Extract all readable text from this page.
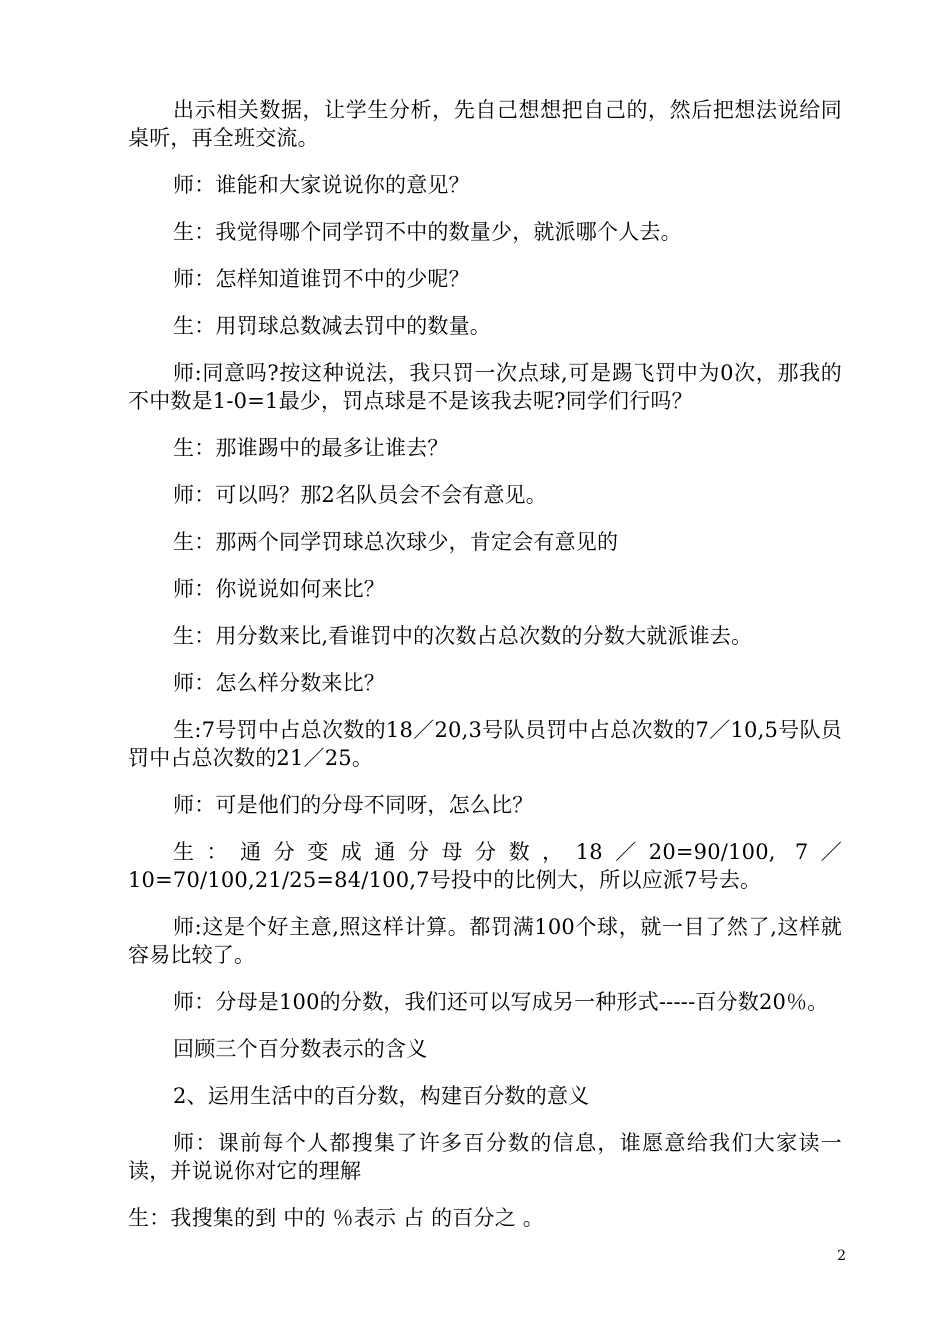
出示相关数据，让学生分析，先自己想想把自己的，然后把想法说给同桌听，再全班交流。

师：谁能和大家说说你的意见？

生：我觉得哪个同学罚不中的数量少，就派哪个人去。

师：怎样知道谁罚不中的少呢？

生：用罚球总数减去罚中的数量。

师:同意吗?按这种说法，我只罚一次点球,可是踢飞罚中为0次，那我的不中数是1-0=1最少，罚点球是不是该我去呢?同学们行吗？

生：那谁踢中的最多让谁去？

师：可以吗？那2名队员会不会有意见。

生：那两个同学罚球总次球少，肯定会有意见的

师：你说说如何来比？

生：用分数来比,看谁罚中的次数占总次数的分数大就派谁去。

师：怎么样分数来比？

生:7号罚中占总次数的18／20,3号队员罚中占总次数的7／10,5号队员罚中占总次数的21／25。

师：可是他们的分母不同呀，怎么比？

生：通分变成通分母分数，18／20=90/100, 7／10=70/100,21/25=84/100,7号投中的比例大，所以应派7号去。

师:这是个好主意,照这样计算。都罚满100个球，就一目了然了,这样就容易比较了。

师：分母是100的分数，我们还可以写成另一种形式-----百分数20％。

回顾三个百分数表示的含义

2、运用生活中的百分数，构建百分数的意义

师：课前每个人都搜集了许多百分数的信息，谁愿意给我们大家读一读，并说说你对它的理解

生：我搜集的到 中的 ％表示 占 的百分之 。

2
